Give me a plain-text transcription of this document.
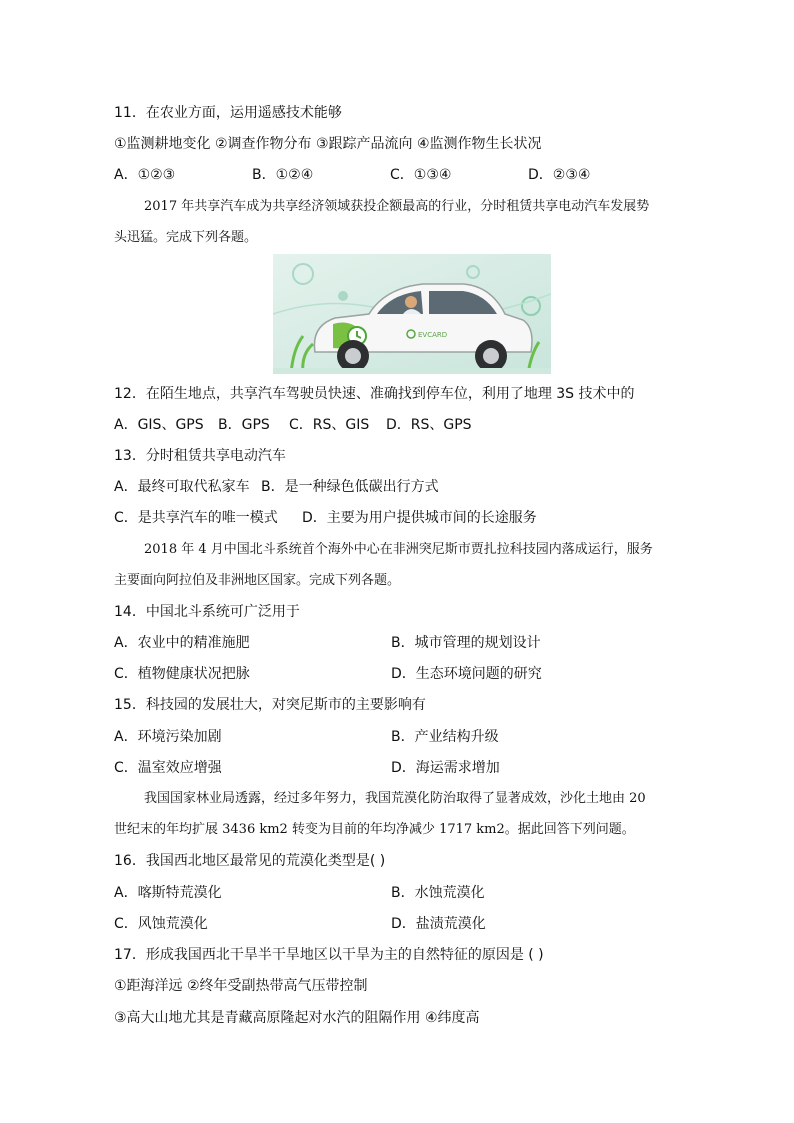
11．在农业方面，运用遥感技术能够
①监测耕地变化 ②调查作物分布 ③跟踪产品流向 ④监测作物生长状况
A．①②③	B．①②④	C．①③④	D．②③④
2017 年共享汽车成为共享经济领域获投企额最高的行业，分时租赁共享电动汽车发展势
头迅猛。完成下列各题。
EVCARD
12．在陌生地点，共享汽车驾驶员快速、准确找到停车位，利用了地理 3S 技术中的
A．GIS、GPS B．GPS C．RS、GIS D．RS、GPS
13．分时租赁共享电动汽车
A．最终可取代私家车 B．是一种绿色低碳出行方式
C．是共享汽车的唯一模式 D．主要为用户提供城市间的长途服务
2018 年 4 月中国北斗系统首个海外中心在非洲突尼斯市贾扎拉科技园内落成运行，服务
主要面向阿拉伯及非洲地区国家。完成下列各题。
14．中国北斗系统可广泛用于
A．农业中的精准施肥	B．城市管理的规划设计
C．植物健康状况把脉	D．生态环境问题的研究
15．科技园的发展壮大，对突尼斯市的主要影响有
A．环境污染加剧	B．产业结构升级
C．温室效应增强	D．海运需求增加
我国国家林业局透露，经过多年努力，我国荒漠化防治取得了显著成效，沙化土地由 20
世纪末的年均扩展 3436 km2 转变为目前的年均净减少 1717 km2。据此回答下列问题。
16．我国西北地区最常见的荒漠化类型是( )
A．喀斯特荒漠化	B．水蚀荒漠化
C．风蚀荒漠化	D．盐渍荒漠化
17．形成我国西北干旱半干旱地区以干旱为主的自然特征的原因是 ( )
①距海洋远 ②终年受副热带高气压带控制
③高大山地尤其是青藏高原隆起对水汽的阻隔作用 ④纬度高
